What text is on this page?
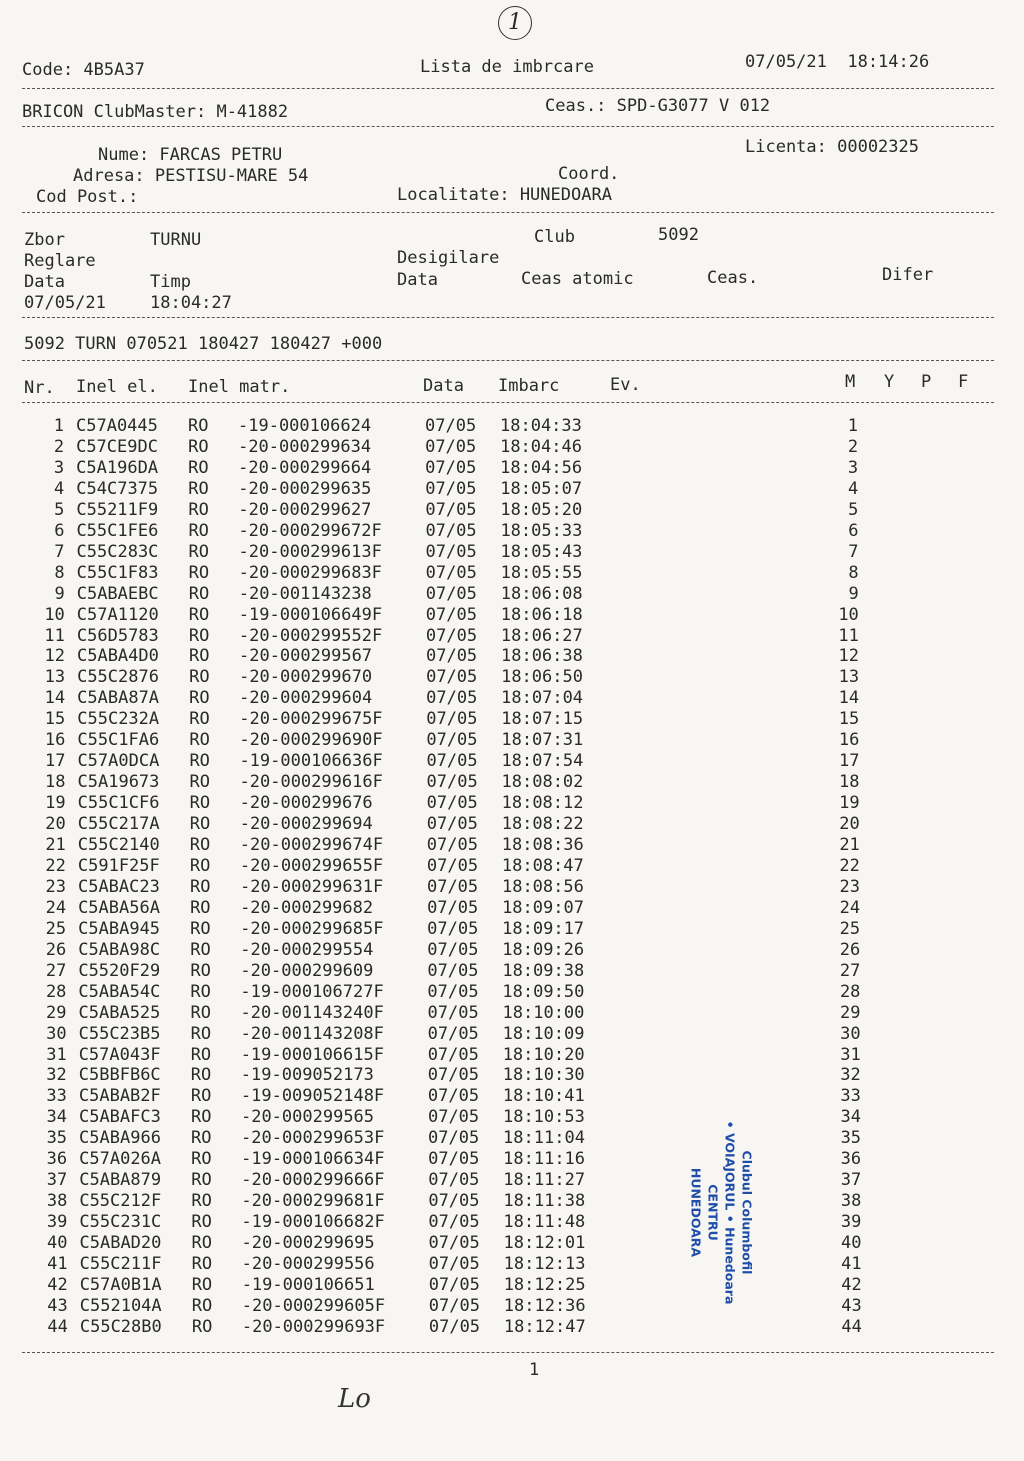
1
Code: 4B5A37	Lista de imbrcare	07/05/21  18:14:26
BRICON ClubMaster: M-41882	Ceas.: SPD-G3077 V 012
Nume: FARCAS PETRU	Licenta: 00002325
Adresa: PESTISU-MARE 54	Coord.
Cod Post.:	Localitate: HUNEDOARA
Zbor	TURNU	Club	5092
Reglare	Desigilare
Data	Timp	Data	Ceas atomic	Ceas.	Difer
07/05/21	18:04:27
5092 TURN 070521 180427 180427 +000
Nr. Inel el. Inel matr.	Data Imbarc	Ev.	M Y P F
1 C57A0445 RO -19-000106624	07/05 18:04:33	1
2 C57CE9DC RO -20-000299634	07/05 18:04:46	2
3 C5A196DA RO -20-000299664	07/05 18:04:56	3
4 C54C7375 RO -20-000299635	07/05 18:05:07	4
5 C55211F9 RO -20-000299627	07/05 18:05:20	5
6 C55C1FE6 RO -20-000299672F	07/05 18:05:33	6
7 C55C283C RO -20-000299613F	07/05 18:05:43	7
8 C55C1F83 RO -20-000299683F	07/05 18:05:55	8
9 C5ABAEBC RO -20-001143238	07/05 18:06:08	9
10 C57A1120 RO -19-000106649F	07/05 18:06:18	10
11 C56D5783 RO -20-000299552F	07/05 18:06:27	11
12 C5ABA4D0 RO -20-000299567	07/05 18:06:38	12
13 C55C2876 RO -20-000299670	07/05 18:06:50	13
14 C5ABA87A RO -20-000299604	07/05 18:07:04	14
15 C55C232A RO -20-000299675F	07/05 18:07:15	15
16 C55C1FA6 RO -20-000299690F	07/05 18:07:31	16
17 C57A0DCA RO -19-000106636F	07/05 18:07:54	17
18 C5A19673 RO -20-000299616F	07/05 18:08:02	18
19 C55C1CF6 RO -20-000299676	07/05 18:08:12	19
20 C55C217A RO -20-000299694	07/05 18:08:22	20
21 C55C2140 RO -20-000299674F	07/05 18:08:36	21
22 C591F25F RO -20-000299655F	07/05 18:08:47	22
23 C5ABAC23 RO -20-000299631F	07/05 18:08:56	23
24 C5ABA56A RO -20-000299682	07/05 18:09:07	24
25 C5ABA945 RO -20-000299685F	07/05 18:09:17	25
26 C5ABA98C RO -20-000299554	07/05 18:09:26	26
27 C5520F29 RO -20-000299609	07/05 18:09:38	27
28 C5ABA54C RO -19-000106727F	07/05 18:09:50	28
29 C5ABA525 RO -20-001143240F	07/05 18:10:00	29
30 C55C23B5 RO -20-001143208F	07/05 18:10:09	30
31 C57A043F RO -19-000106615F	07/05 18:10:20	31
32 C5BBFB6C RO -19-009052173	07/05 18:10:30	32
33 C5ABAB2F RO -19-009052148F	07/05 18:10:41	33
34 C5ABAFC3 RO -20-000299565	07/05 18:10:53	34
35 C5ABA966 RO -20-000299653F	07/05 18:11:04	35
36 C57A026A RO -19-000106634F	07/05 18:11:16	36
37 C5ABA879 RO -20-000299666F	07/05 18:11:27	37
38 C55C212F RO -20-000299681F	07/05 18:11:38	38
39 C55C231C RO -19-000106682F	07/05 18:11:48	39
40 C5ABAD20 RO -20-000299695	07/05 18:12:01	40
41 C55C211F RO -20-000299556	07/05 18:12:13	41
42 C57A0B1A RO -19-000106651	07/05 18:12:25	42
43 C552104A RO -20-000299605F	07/05 18:12:36	43
44 C55C28B0 RO -20-000299693F	07/05 18:12:47	44
Clubul Columbofil
• VOIAJORUL • Hunedoara
CENTRU
HUNEDOARA
1
Lo
